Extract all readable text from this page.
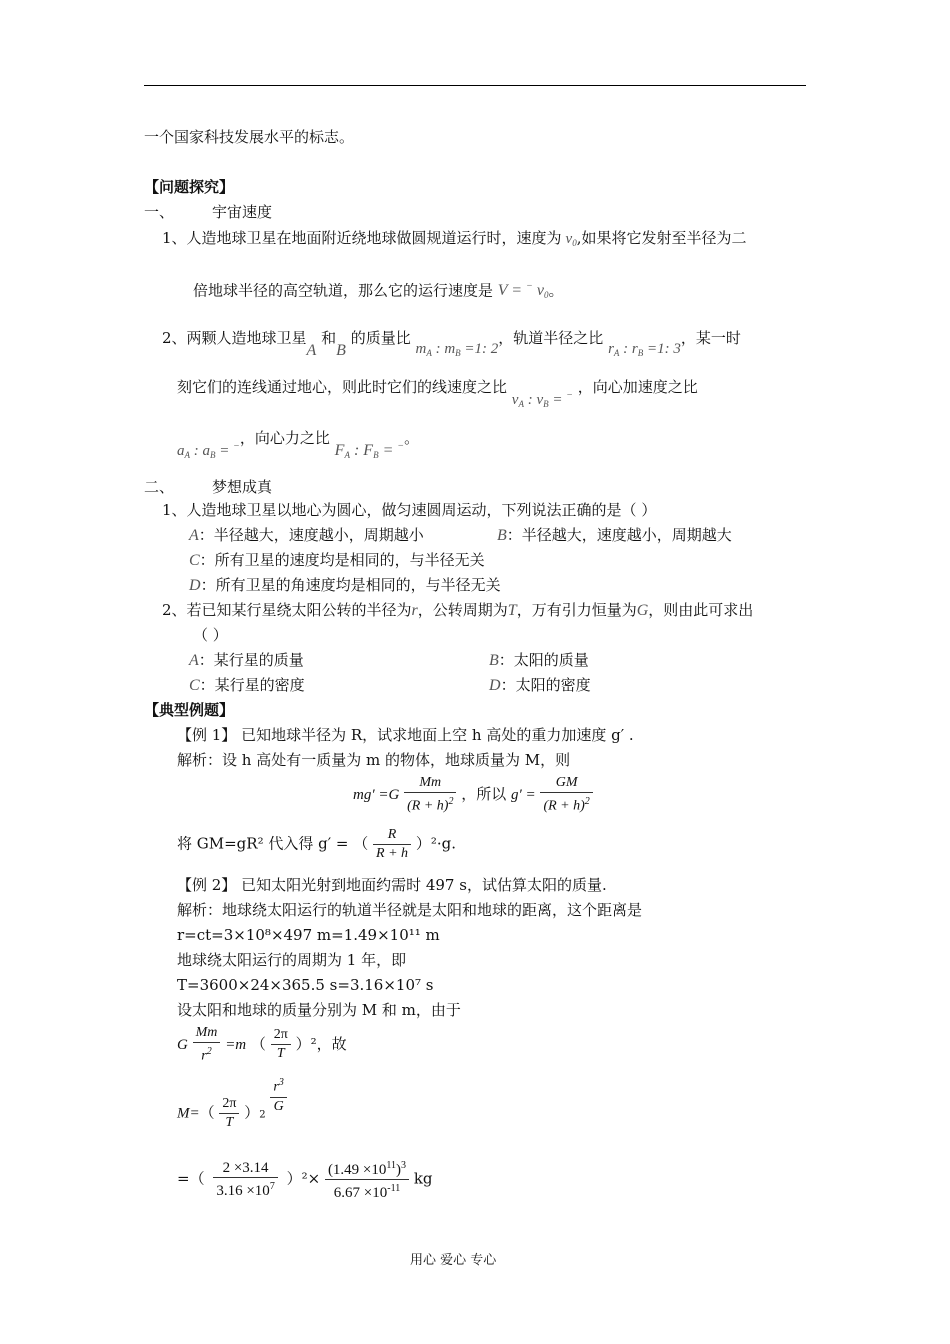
一个国家科技发展水平的标志。
【问题探究】
一、	宇宙速度
1、人造地球卫星在地面附近绕地球做圆规道运行时，速度为 $v_0$,如果将它发射至半径为二
倍地球半径的高空轨道，那么它的运行速度是 V = − $v_0$。
2、两颗人造地球卫星A 和B 的质量比 $m_A$ : $m_B =1$: 2，轨道半径之比 $r_A$ : $r_B =1$: 3，某一时
刻它们的连线通过地心，则此时它们的线速度之比 $v_A$ : $v_B = ^-$ ，向心加速度之比
$a_A$ : $a_B = ^-$，向心力之比 $F_A$ : $F_B = ^-$。
二、	梦想成真
1、人造地球卫星以地心为圆心，做匀速圆周运动，下列说法正确的是（ ）
A：半径越大，速度越小，周期越小	B：半径越大，速度越小，周期越大
C：所有卫星的速度均是相同的，与半径无关
D：所有卫星的角速度均是相同的，与半径无关
2、若已知某行星绕太阳公转的半径为r，公转周期为T，万有引力恒量为G，则由此可求出
（ ）
A：某行星的质量	B：太阳的质量
C：某行星的密度	D：太阳的密度
【典型例题】
【例 1】 已知地球半径为 R，试求地面上空 h 高处的重力加速度 g′ .
解析：设 h 高处有一质量为 m 的物体，地球质量为 M，则
$mg' =G \frac{Mm}{(R + h)^2}$ ，所以 $g' = \frac{GM}{(R + h)^2}$
将 GM=gR² 代入得 g′ = （ $\frac{R}{R + h} )^2\cdot g$.
【例 2】 已知太阳光射到地面约需时 497 s，试估算太阳的质量.
解析：地球绕太阳运行的轨道半径就是太阳和地球的距离，这个距离是
r=ct=3×10⁸×497 m=1.49×10¹¹ m
地球绕太阳运行的周期为 1 年，即
T=3600×24×365.5 s=3.16×10⁷ s
设太阳和地球的质量分别为 M 和 m，由于
G $\frac{Mm}{r^2} =m$ （ $\frac{2\pi}{T} )^2$，故
$M=( \frac{2\pi}{T} )2 \frac{r^3}{G}$
=（ $\frac{2 \times 3.14}{3.16 \times 10^7} )^2\times \frac{(1.49 \times 10^{11})^3}{6.67 \times 10^{-11}}$ kg
用心 爱心 专心
